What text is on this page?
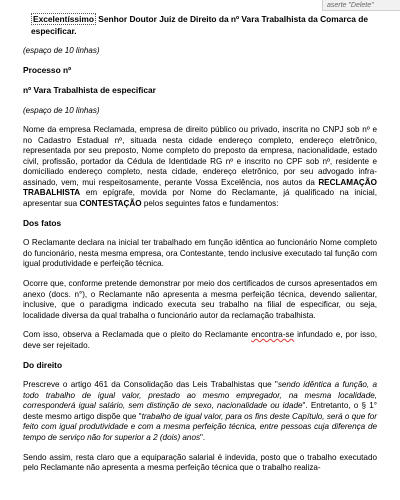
aserte "Delete"
Excelentíssimo Senhor Doutor Juiz de Direito da nº Vara Trabalhista da Comarca de especificar.
(espaço de 10 linhas)
Processo nº
nº Vara Trabalhista de especificar
(espaço de 10 linhas)

Nome da empresa Reclamada, empresa de direito público ou privado, inscrita no CNPJ sob nº e no Cadastro Estadual nº, situada nesta cidade endereço completo, endereço eletrônico, representada por seu preposto, Nome completo do preposto da empresa, nacionalidade, estado civil, profissão, portador da Cédula de Identidade RG nº e inscrito no CPF sob nº, residente e domiciliado endereço completo, nesta cidade, endereço eletrônico, por seu advogado infra-assinado, vem, mui respeitosamente, perante Vossa Excelência, nos autos da RECLAMAÇÃO TRABALHISTA em epígrafe, movida por Nome do Reclamante, já qualificado na inicial, apresentar sua CONTESTAÇÃO pelos seguintes fatos e fundamentos:

Dos fatos

O Reclamante declara na inicial ter trabalhado em função idêntica ao funcionário Nome completo do funcionário, nesta mesma empresa, ora Contestante, tendo inclusive executado tal função com igual produtividade e perfeição técnica.

Ocorre que, conforme pretende demonstrar por meio dos certificados de cursos apresentados em anexo (docs. n°), o Reclamante não apresenta a mesma perfeição técnica, devendo salientar, inclusive, que o paradigma indicado executa seu trabalho na filial de especificar, ou seja, localidade diversa da qual trabalha o funcionário autor da reclamação trabalhista.

Com isso, observa a Reclamada que o pleito do Reclamante encontra-se infundado e, por isso, deve ser rejeitado.

Do direito

Prescreve o artigo 461 da Consolidação das Leis Trabalhistas que "sendo idêntica a função, a todo trabalho de igual valor, prestado ao mesmo empregador, na mesma localidade, corresponderá igual salário, sem distinção de sexo, nacionalidade ou idade". Entretanto, o § 1° deste mesmo artigo dispõe que "trabalho de igual valor, para os fins deste Capítulo, será o que for feito com igual produtividade e com a mesma perfeição técnica, entre pessoas cuja diferença de tempo de serviço não for superior a 2 (dois) anos".

Sendo assim, resta claro que a equiparação salarial é indevida, posto que o trabalho executado pelo Reclamante não apresenta a mesma perfeição técnica que o trabalho realiza-
